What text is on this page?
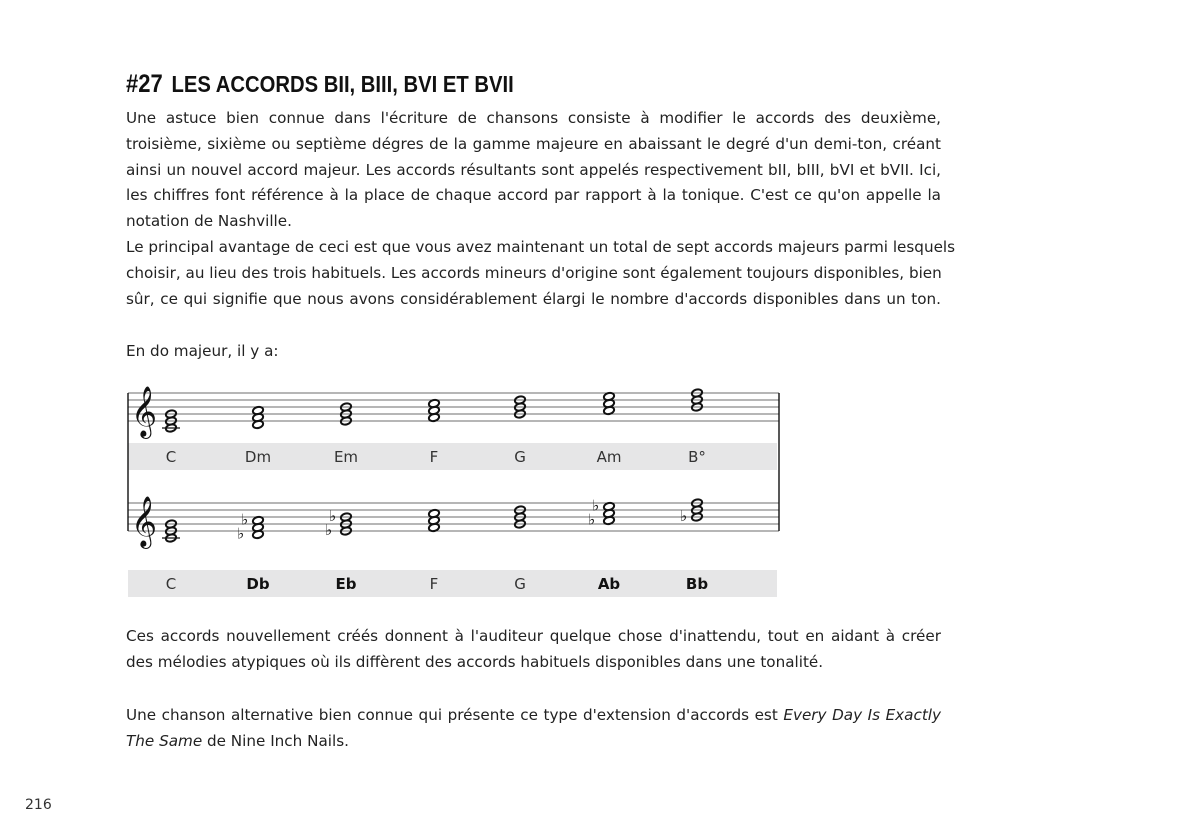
#27 LES ACCORDS BII, BIII, BVI ET BVII
Une astuce bien connue dans l'écriture de chansons consiste à modifier le accords des deuxième,
troisième, sixième ou septième dégres de la gamme majeure en abaissant le degré d'un demi-ton, créant
ainsi un nouvel accord majeur. Les accords résultants sont appelés respectivement bII, bIII, bVI et bVII. Ici,
les chiffres font référence à la place de chaque accord par rapport à la tonique. C'est ce qu'on appelle la
notation de Nashville.
Le principal avantage de ceci est que vous avez maintenant un total de sept accords majeurs parmi lesquels
choisir, au lieu des trois habituels. Les accords mineurs d'origine sont également toujours disponibles, bien
sûr, ce qui signifie que nous avons considérablement élargi le nombre d'accords disponibles dans un ton.
En do majeur, il y a:
𝄞
𝄞	♭
♭
♭
♭	♭
♭
♭
C	Dm	Em	F	G	Am	B°
C	Db	Eb	F	G	Ab	Bb
Ces accords nouvellement créés donnent à l'auditeur quelque chose d'inattendu, tout en aidant à créer
des mélodies atypiques où ils diffèrent des accords habituels disponibles dans une tonalité.
Une chanson alternative bien connue qui présente ce type d'extension d'accords est Every Day Is Exactly
The Same de Nine Inch Nails.
216
